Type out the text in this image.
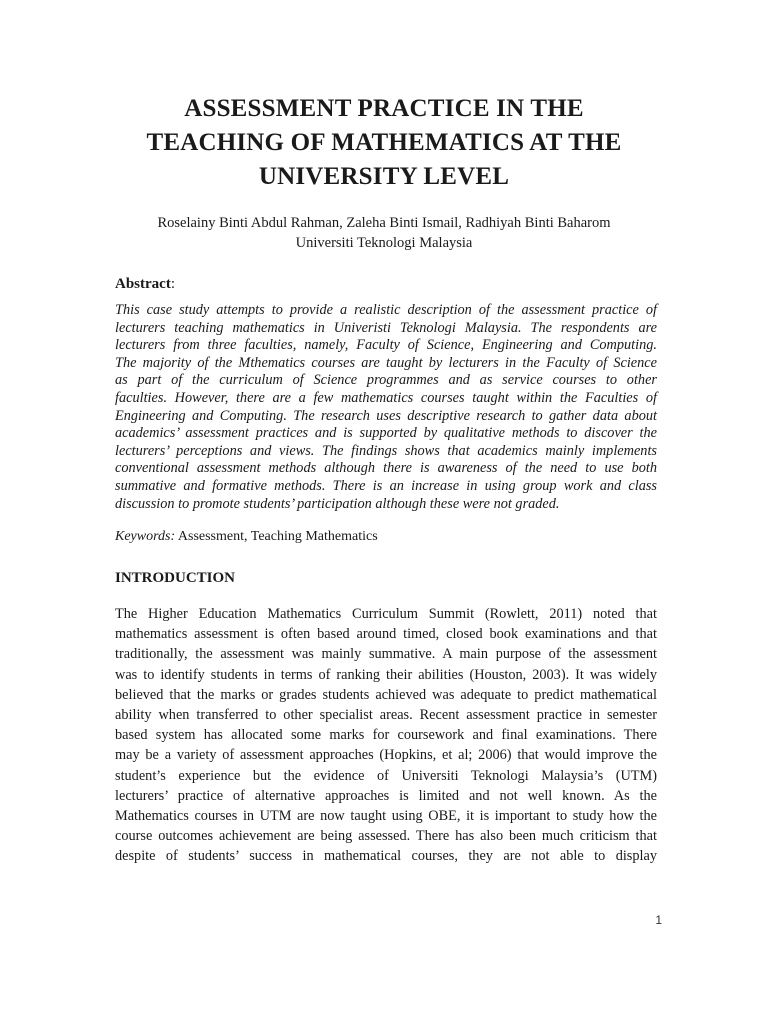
ASSESSMENT PRACTICE IN THE
TEACHING OF MATHEMATICS AT THE
UNIVERSITY LEVEL
Roselainy Binti Abdul Rahman, Zaleha Binti Ismail, Radhiyah Binti Baharom
Universiti Teknologi Malaysia
Abstract:
This case study attempts to provide a realistic description of the assessment practice of
lecturers teaching mathematics in Univeristi Teknologi Malaysia. The respondents are
lecturers from three faculties, namely, Faculty of Science, Engineering and Computing.
The majority of the Mthematics courses are taught by lecturers in the Faculty of Science
as part of the curriculum of Science programmes and as service courses to other
faculties. However, there are a few mathematics courses taught within the Faculties of
Engineering and Computing. The research uses descriptive research to gather data about
academics’ assessment practices and is supported by qualitative methods to discover the
lecturers’ perceptions and views. The findings shows that academics mainly implements
conventional assessment methods although there is awareness of the need to use both
summative and formative methods. There is an increase in using group work and class
discussion to promote students’ participation although these were not graded.
Keywords: Assessment, Teaching Mathematics
INTRODUCTION
The Higher Education Mathematics Curriculum Summit (Rowlett, 2011) noted that
mathematics assessment is often based around timed, closed book examinations and that
traditionally, the assessment was mainly summative. A main purpose of the assessment
was to identify students in terms of ranking their abilities (Houston, 2003). It was widely
believed that the marks or grades students achieved was adequate to predict mathematical
ability when transferred to other specialist areas. Recent assessment practice in semester
based system has allocated some marks for coursework and final examinations. There
may be a variety of assessment approaches (Hopkins, et al; 2006) that would improve the
student’s experience but the evidence of Universiti Teknologi Malaysia’s (UTM)
lecturers’ practice of alternative approaches is limited and not well known. As the
Mathematics courses in UTM are now taught using OBE, it is important to study how the
course outcomes achievement are being assessed. There has also been much criticism that
despite of students’ success in mathematical courses, they are not able to display
1
